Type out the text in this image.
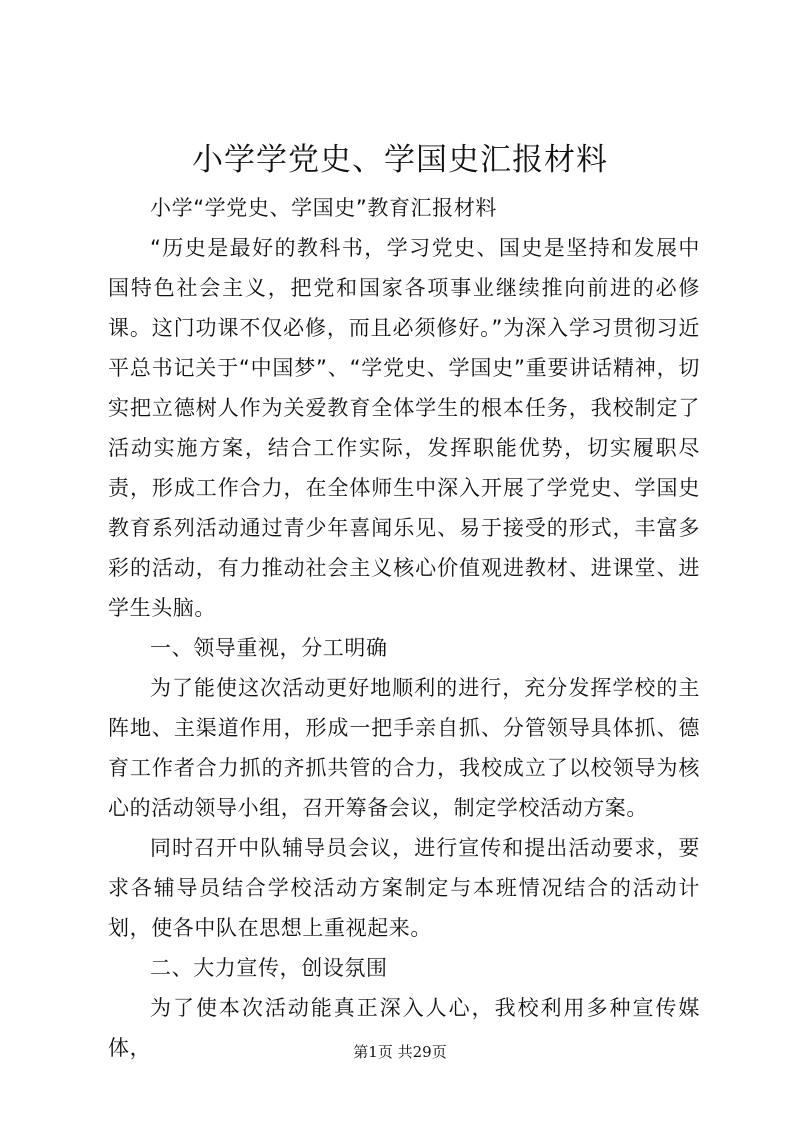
小学学党史、学国史汇报材料

小学“学党史、学国史”教育汇报材料

“历史是最好的教科书，学习党史、国史是坚持和发展中国特色社会主义，把党和国家各项事业继续推向前进的必修课。这门功课不仅必修，而且必须修好。”为深入学习贯彻习近平总书记关于“中国梦”、“学党史、学国史”重要讲话精神，切实把立德树人作为关爱教育全体学生的根本任务，我校制定了活动实施方案，结合工作实际，发挥职能优势，切实履职尽责，形成工作合力，在全体师生中深入开展了学党史、学国史教育系列活动通过青少年喜闻乐见、易于接受的形式，丰富多彩的活动，有力推动社会主义核心价值观进教材、进课堂、进学生头脑。

一、领导重视，分工明确

为了能使这次活动更好地顺利的进行，充分发挥学校的主阵地、主渠道作用，形成一把手亲自抓、分管领导具体抓、德育工作者合力抓的齐抓共管的合力，我校成立了以校领导为核心的活动领导小组，召开筹备会议，制定学校活动方案。

同时召开中队辅导员会议，进行宣传和提出活动要求，要求各辅导员结合学校活动方案制定与本班情况结合的活动计划，使各中队在思想上重视起来。

二、大力宣传，创设氛围

为了使本次活动能真正深入人心，我校利用多种宣传媒体，	第1页 共29页
